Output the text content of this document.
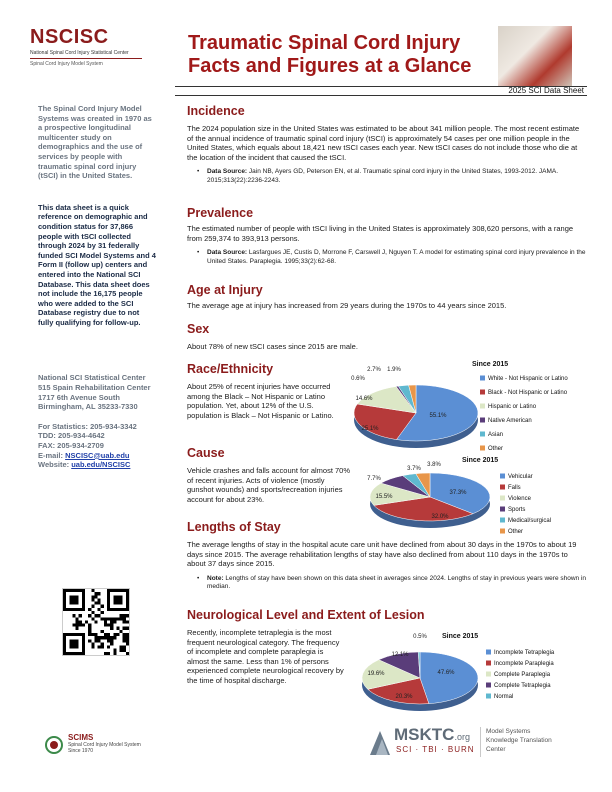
NSCISC
National Spinal Cord Injury Statistical Center
Spinal Cord Injury Model System
Traumatic Spinal Cord Injury
Facts and Figures at a Glance
2025 SCI Data Sheet
The Spinal Cord Injury Model Systems was created in 1970 as a prospective longitudinal multicenter study on demographics and the use of services by people with traumatic spinal cord injury (tSCI) in the United States.
This data sheet is a quick reference on demographic and condition status for 37,866 people with tSCI collected through 2024 by 31 federally funded SCI Model Systems and 4 Form II (follow up) centers and entered into the National SCI Database. This data sheet does not include the 16,175 people who were added to the SCI Database registry due to not fully qualifying for follow-up.
National SCI Statistical Center
515 Spain Rehabilitation Center
1717 6th Avenue South
Birmingham, AL 35233-7330
For Statistics: 205-934-3342
TDD: 205-934-4642
FAX: 205-934-2709
E-mail: NSCISC@uab.edu
Website: uab.edu/NSCISC
SCIMS
Spinal Cord Injury Model System
Since 1970
Incidence

The 2024 population size in the United States was estimated to be about 341 million people. The most recent estimate of the annual incidence of traumatic spinal cord injury (tSCI) is approximately 54 cases per one million people in the United States, which equals about 18,421 new tSCI cases each year. New tSCI cases do not include those who die at the location of the incident that caused the tSCI.

• Data Source: Jain NB, Ayers GD, Peterson EN, et al. Traumatic spinal cord injury in the United States, 1993-2012. JAMA. 2015;313(22):2236-2243.

Prevalence

The estimated number of people with tSCI living in the United States is approximately 308,620 persons, with a range from 259,374 to 393,913 persons.

• Data Source: Lasfargues JE, Custis D, Morrone F, Carswell J, Nguyen T. A model for estimating spinal cord injury prevalence in the United States. Paraplegia. 1995;33(2):62-68.

Age at Injury

The average age at injury has increased from 29 years during the 1970s to 44 years since 2015.

Sex

About 78% of new tSCI cases since 2015 are male.

Race/Ethnicity

About 25% of recent injuries have occurred among the Black – Not Hispanic or Latino population. Yet, about 12% of the U.S. population is Black – Not Hispanic or Latino.

Cause

Vehicle crashes and falls account for almost 70% of recent injuries. Acts of violence (mostly gunshot wounds) and sports/recreation injuries account for about 23%.

Lengths of Stay

The average lengths of stay in the hospital acute care unit have declined from about 30 days in the 1970s to about 19 days since 2015. The average rehabilitation lengths of stay have also declined from about 110 days in the 1970s to about 37 days since 2015.

• Note: Lengths of stay have been shown on this data sheet in averages since 2024. Lengths of stay in previous years were shown in median.

Neurological Level and Extent of Lesion

Recently, incomplete tetraplegia is the most frequent neurological category. The frequency of incomplete and complete paraplegia is almost the same. Less than 1% of persons experienced complete neurological recovery by the time of hospital discharge.

55.1%
25.1%
14.6%
0.6%
2.7% 1.9%
Since 2015
White - Not Hispanic or Latino
Black - Not Hispanic or Latino
Hispanic or Latino
Native American
Asian
Other
37.3%
32.0%
15.5%
7.7%
3.7%
3.8%
Since 2015
Vehicular
Falls
Violence
Sports
Medical/surgical
Other
47.6%
20.3%
19.6%
12.1%
0.5% Since 2015
Incomplete Tetraplegia
Incomplete Paraplegia
Complete Paraplegia
Complete Tetraplegia
Normal
MSKTC.org
SCI · TBI · BURN
Model Systems
Knowledge Translation
Center
